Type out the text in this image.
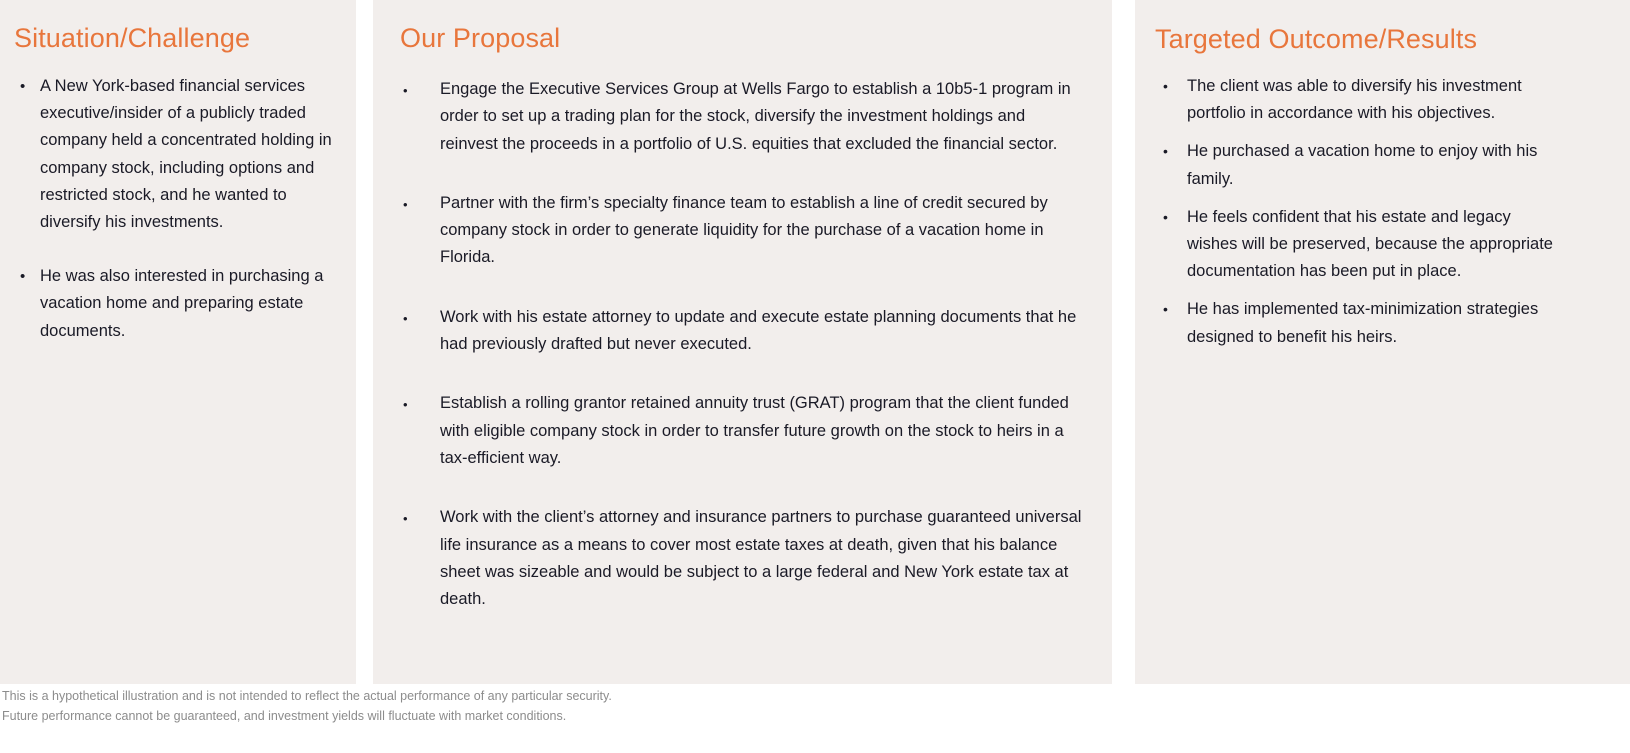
Situation/Challenge
• A New York-based financial services executive/insider of a publicly traded company held a concentrated holding in company stock, including options and restricted stock, and he wanted to diversify his investments.
• He was also interested in purchasing a vacation home and preparing estate documents.
Our Proposal
• Engage the Executive Services Group at Wells Fargo to establish a 10b5-1 program in order to set up a trading plan for the stock, diversify the investment holdings and reinvest the proceeds in a portfolio of U.S. equities that excluded the financial sector.
• Partner with the firm’s specialty finance team to establish a line of credit secured by company stock in order to generate liquidity for the purchase of a vacation home in Florida.
• Work with his estate attorney to update and execute estate planning documents that he had previously drafted but never executed.
• Establish a rolling grantor retained annuity trust (GRAT) program that the client funded with eligible company stock in order to transfer future growth on the stock to heirs in a tax-efficient way.
• Work with the client’s attorney and insurance partners to purchase guaranteed universal life insurance as a means to cover most estate taxes at death, given that his balance sheet was sizeable and would be subject to a large federal and New York estate tax at death.
Targeted Outcome/Results
• The client was able to diversify his investment portfolio in accordance with his objectives.
• He purchased a vacation home to enjoy with his family.
• He feels confident that his estate and legacy wishes will be preserved, because the appropriate documentation has been put in place.
• He has implemented tax-minimization strategies designed to benefit his heirs.
This is a hypothetical illustration and is not intended to reflect the actual performance of any particular security.
Future performance cannot be guaranteed, and investment yields will fluctuate with market conditions.
